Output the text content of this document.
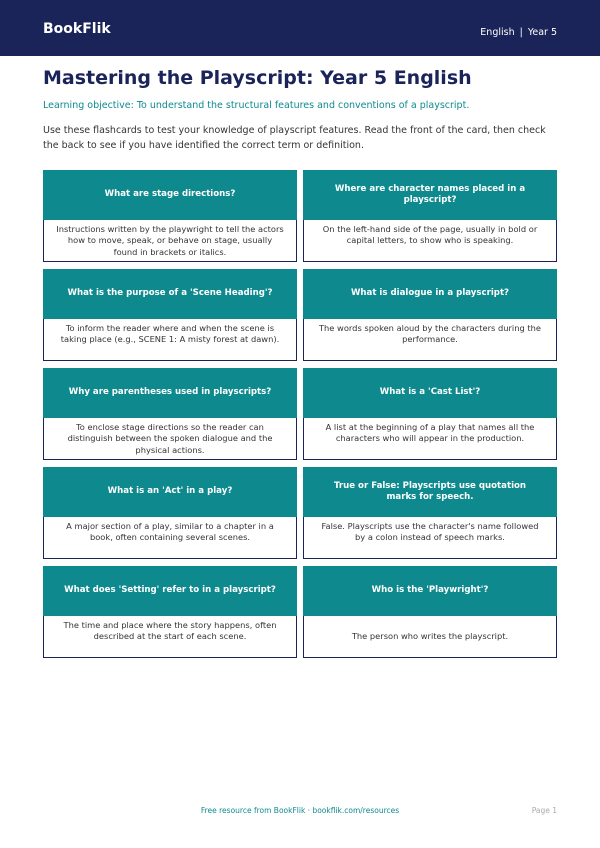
BookFlik	English | Year 5
Mastering the Playscript: Year 5 English

Learning objective: To understand the structural features and conventions of a playscript.

Use these flashcards to test your knowledge of playscript features. Read the front of the card, then check the back to see if you have identified the correct term or definition.

What are stage directions?
Instructions written by the playwright to tell the actors how to move, speak, or behave on stage, usually found in brackets or italics.
Where are character names placed in a playscript?
On the left-hand side of the page, usually in bold or capital letters, to show who is speaking.
What is the purpose of a 'Scene Heading'?
To inform the reader where and when the scene is taking place (e.g., SCENE 1: A misty forest at dawn).
What is dialogue in a playscript?
The words spoken aloud by the characters during the performance.
Why are parentheses used in playscripts?
To enclose stage directions so the reader can distinguish between the spoken dialogue and the physical actions.
What is a 'Cast List'?
A list at the beginning of a play that names all the characters who will appear in the production.
What is an 'Act' in a play?
A major section of a play, similar to a chapter in a book, often containing several scenes.
True or False: Playscripts use quotation marks for speech.
False. Playscripts use the character's name followed by a colon instead of speech marks.
What does 'Setting' refer to in a playscript?
The time and place where the story happens, often described at the start of each scene.
Who is the 'Playwright'?
The person who writes the playscript.
Free resource from BookFlik · bookflik.com/resources	Page 1
